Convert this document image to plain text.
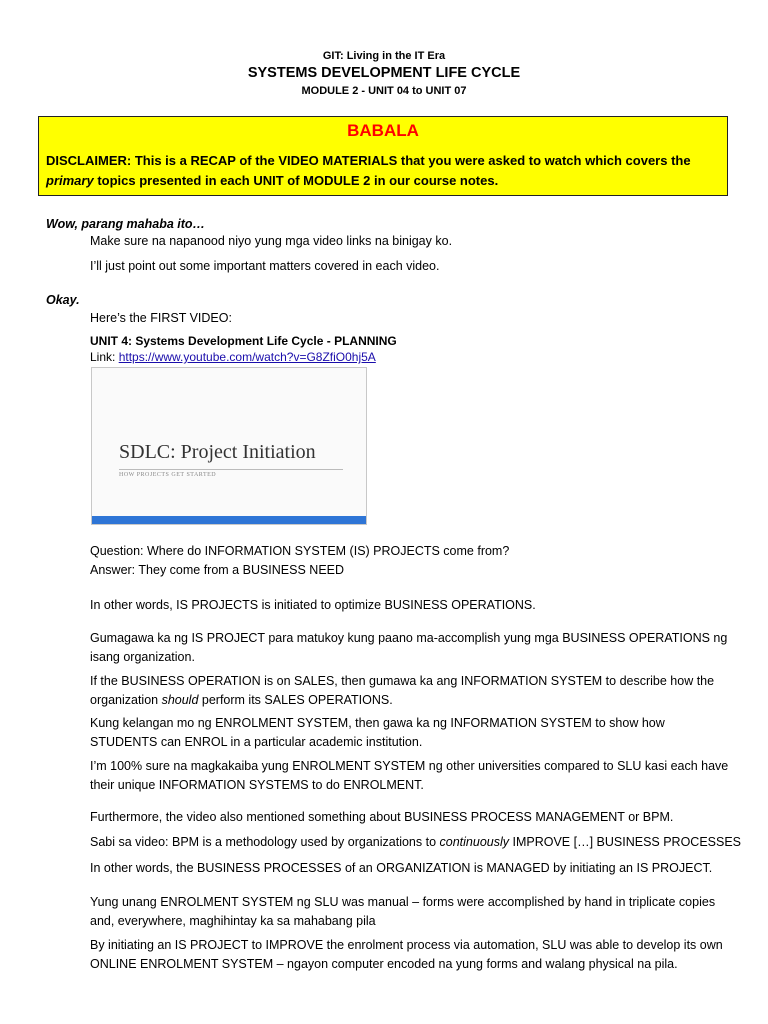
GIT: Living in the IT Era
SYSTEMS DEVELOPMENT LIFE CYCLE
MODULE 2 - UNIT 04 to UNIT 07
BABALA
DISCLAIMER: This is a RECAP of the VIDEO MATERIALS that you were asked to watch which covers the
primary topics presented in each UNIT of MODULE 2 in our course notes.
Wow, parang mahaba ito…
Make sure na napanood niyo yung mga video links na binigay ko.
I’ll just point out some important matters covered in each video.
Okay.
Here’s the FIRST VIDEO:
UNIT 4: Systems Development Life Cycle - PLANNING
Link: https://www.youtube.com/watch?v=G8ZfiO0hj5A
SDLC: Project Initiation
HOW PROJECTS GET STARTED
Question: Where do INFORMATION SYSTEM (IS) PROJECTS come from?
Answer: They come from a BUSINESS NEED
In other words, IS PROJECTS is initiated to optimize BUSINESS OPERATIONS.
Gumagawa ka ng IS PROJECT para matukoy kung paano ma-accomplish yung mga BUSINESS OPERATIONS ng isang organization.
If the BUSINESS OPERATION is on SALES, then gumawa ka ang INFORMATION SYSTEM to describe how the organization should perform its SALES OPERATIONS.
Kung kelangan mo ng ENROLMENT SYSTEM, then gawa ka ng INFORMATION SYSTEM to show how STUDENTS can ENROL in a particular academic institution.
I’m 100% sure na magkakaiba yung ENROLMENT SYSTEM ng other universities compared to SLU kasi each have their unique INFORMATION SYSTEMS to do ENROLMENT.
Furthermore, the video also mentioned something about BUSINESS PROCESS MANAGEMENT or BPM.
Sabi sa video: BPM is a methodology used by organizations to continuously IMPROVE […] BUSINESS PROCESSES
In other words, the BUSINESS PROCESSES of an ORGANIZATION is MANAGED by initiating an IS PROJECT.
Yung unang ENROLMENT SYSTEM ng SLU was manual – forms were accomplished by hand in triplicate copies and, everywhere, maghihintay ka sa mahabang pila
By initiating an IS PROJECT to IMPROVE the enrolment process via automation, SLU was able to develop its own ONLINE ENROLMENT SYSTEM – ngayon computer encoded na yung forms and walang physical na pila.
